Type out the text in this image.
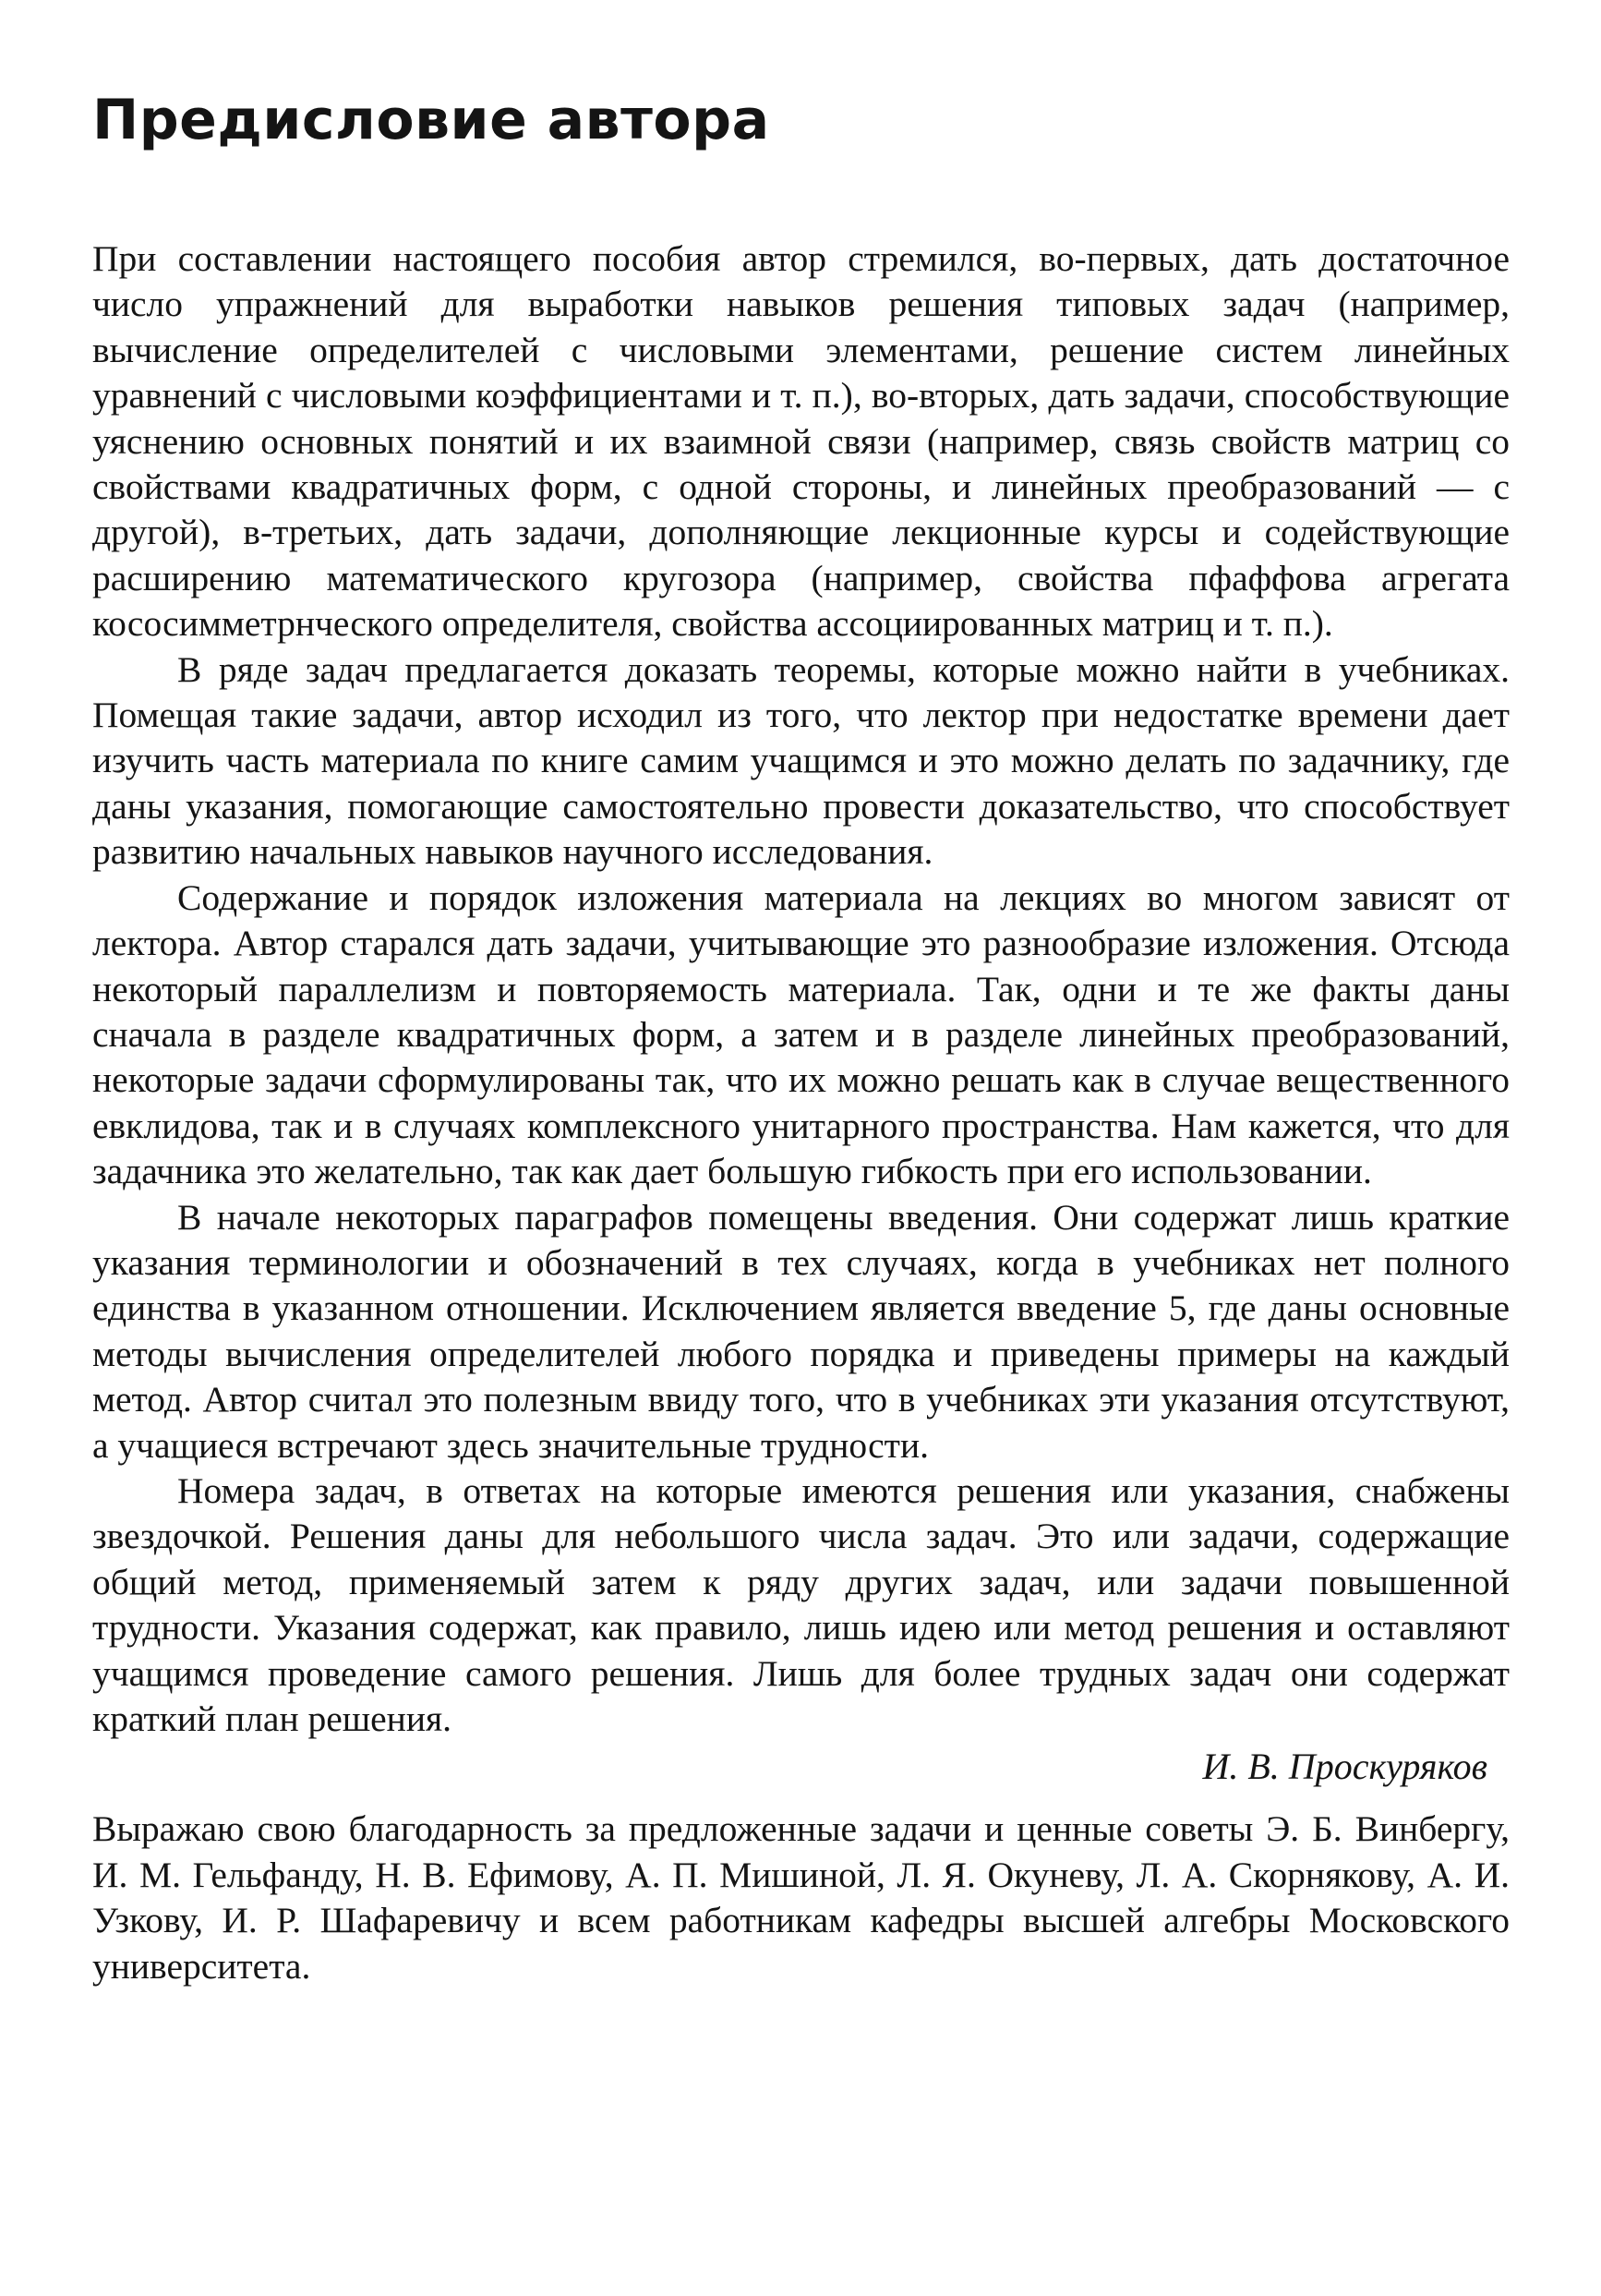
Предисловие автора

При составлении настоящего пособия автор стремился, во-первых, дать достаточное число упражнений для выработки навыков решения типовых задач (например, вычисление определителей с числовыми элементами, решение систем линейных уравнений с числовыми коэффициентами и т. п.), во-вторых, дать задачи, способствующие уяснению основных понятий и их взаимной связи (например, связь свойств матриц со свойствами квадратичных форм, с одной стороны, и линейных преобразований — с другой), в-третьих, дать задачи, дополняющие лекционные курсы и содействующие расширению математического кругозора (например, свойства пфаффова агрегата кососимметрнческого определителя, свойства ассоциированных матриц и т. п.).

В ряде задач предлагается доказать теоремы, которые можно найти в учебниках. Помещая такие задачи, автор исходил из того, что лектор при недостатке времени дает изучить часть материала по книге самим учащимся и это можно делать по задачнику, где даны указания, помогающие самостоятельно провести доказательство, что способствует развитию начальных навыков научного исследования.

Содержание и порядок изложения материала на лекциях во многом зависят от лектора. Автор старался дать задачи, учитывающие это разнообразие изложения. Отсюда некоторый параллелизм и повторяемость материала. Так, одни и те же факты даны сначала в разделе квадратичных форм, а затем и в разделе линейных преобразований, некоторые задачи сформулированы так, что их можно решать как в случае вещественного евклидова, так и в случаях комплексного унитарного пространства. Нам кажется, что для задачника это желательно, так как дает большую гибкость при его использовании.

В начале некоторых параграфов помещены введения. Они содержат лишь краткие указания терминологии и обозначений в тех случаях, когда в учебниках нет полного единства в указанном отношении. Исключением является введение 5, где даны основные методы вычисления определителей любого порядка и приведены примеры на каждый метод. Автор считал это полезным ввиду того, что в учебниках эти указания отсутствуют, а учащиеся встречают здесь значительные трудности.

Номера задач, в ответах на которые имеются решения или указания, снабжены звездочкой. Решения даны для небольшого числа задач. Это или задачи, содержащие общий метод, применяемый затем к ряду других задач, или задачи повышенной трудности. Указания содержат, как правило, лишь идею или метод решения и оставляют учащимся проведение самого решения. Лишь для более трудных задач они содержат краткий план решения.

И. В. Проскуряков

Выражаю свою благодарность за предложенные задачи и ценные советы Э. Б. Винбергу, И. М. Гельфанду, Н. В. Ефимову, А. П. Мишиной, Л. Я. Окуневу, Л. А. Скорнякову, А. И. Узкову, И. Р. Шафаревичу и всем работникам кафедры высшей алгебры Московского университета.
